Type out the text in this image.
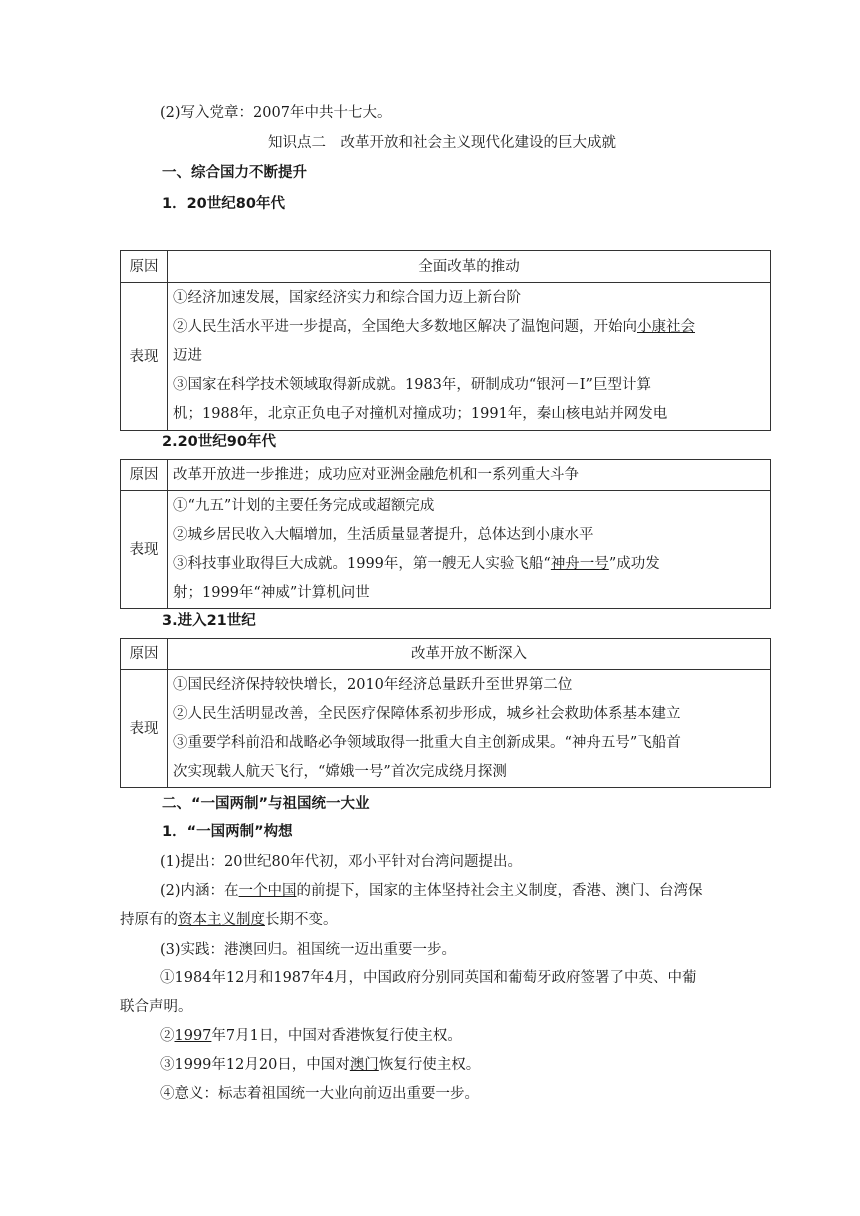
(2)写入党章：2007年中共十七大。
知识点二　改革开放和社会主义现代化建设的巨大成就
一、综合国力不断提升
1．20世纪80年代
原因	全面改革的推动
表现	①经济加速发展，国家经济实力和综合国力迈上新台阶
②人民生活水平进一步提高，全国绝大多数地区解决了温饱问题，开始向小康社会
迈进
③国家在科学技术领域取得新成就。1983年，研制成功“银河－Ⅰ”巨型计算
机；1988年，北京正负电子对撞机对撞成功；1991年，秦山核电站并网发电
2.20世纪90年代
原因	改革开放进一步推进；成功应对亚洲金融危机和一系列重大斗争
表现	①“九五”计划的主要任务完成或超额完成
②城乡居民收入大幅增加，生活质量显著提升，总体达到小康水平
③科技事业取得巨大成就。1999年，第一艘无人实验飞船“神舟一号”成功发
射；1999年“神威”计算机问世
3.进入21世纪
原因	改革开放不断深入
表现	①国民经济保持较快增长，2010年经济总量跃升至世界第二位
②人民生活明显改善，全民医疗保障体系初步形成，城乡社会救助体系基本建立
③重要学科前沿和战略必争领域取得一批重大自主创新成果。“神舟五号”飞船首
次实现载人航天飞行，“嫦娥一号”首次完成绕月探测
二、“一国两制”与祖国统一大业
1．“一国两制”构想
(1)提出：20世纪80年代初，邓小平针对台湾问题提出。
(2)内涵：在一个中国的前提下，国家的主体坚持社会主义制度，香港、澳门、台湾保
持原有的资本主义制度长期不变。
(3)实践：港澳回归。祖国统一迈出重要一步。
①1984年12月和1987年4月，中国政府分别同英国和葡萄牙政府签署了中英、中葡
联合声明。
②1997年7月1日，中国对香港恢复行使主权。
③1999年12月20日，中国对澳门恢复行使主权。
④意义：标志着祖国统一大业向前迈出重要一步。
